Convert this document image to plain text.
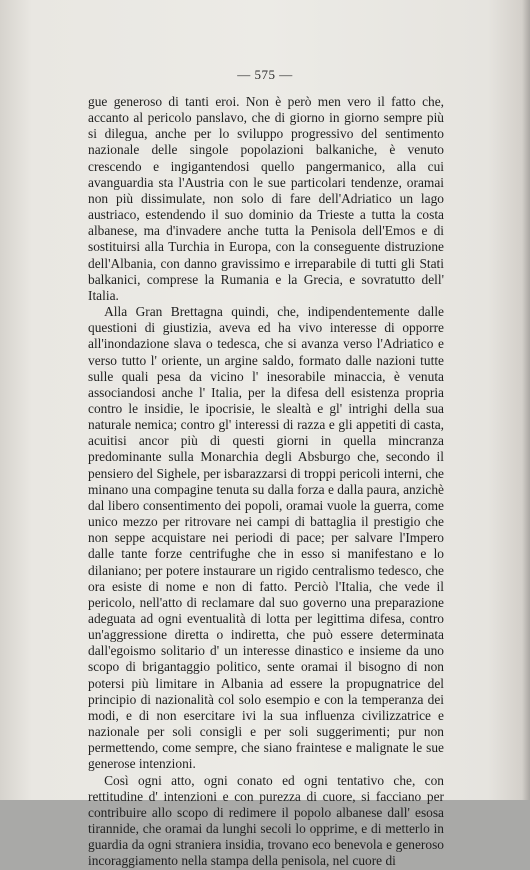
— 575 —

gue generoso di tanti eroi. Non è però men vero il fatto che, accanto al pericolo panslavo, che di giorno in giorno sempre più si dilegua, anche per lo sviluppo progressivo del sentimento nazionale delle singole popolazioni balkaniche, è venuto crescendo e ingigantendosi quello pangermanico, alla cui avanguardia sta l'Austria con le sue particolari tendenze, oramai non più dissimulate, non solo di fare dell'Adriatico un lago austriaco, estendendo il suo dominio da Trieste a tutta la costa albanese, ma d'invadere anche tutta la Penisola dell'Emos e di sostituirsi alla Turchia in Europa, con la conseguente distruzione dell'Albania, con danno gravissimo e irreparabile di tutti gli Stati balkanici, comprese la Rumania e la Grecia, e sovratutto dell' Italia.

Alla Gran Brettagna quindi, che, indipendentemente dalle questioni di giustizia, aveva ed ha vivo interesse di opporre all'inondazione slava o tedesca, che si avanza verso l'Adriatico e verso tutto l' oriente, un argine saldo, formato dalle nazioni tutte sulle quali pesa da vicino l' inesorabile minaccia, è venuta associandosi anche l' Italia, per la difesa dell esistenza propria contro le insidie, le ipocrisie, le slealtà e gl' intrighi della sua naturale nemica; contro gl' interessi di razza e gli appetiti di casta, acuitisi ancor più di questi giorni in quella mincranza predominante sulla Monarchia degli Absburgo che, secondo il pensiero del Sighele, per isbarazzarsi di troppi pericoli interni, che minano una compagine tenuta su dalla forza e dalla paura, anzichè dal libero consentimento dei popoli, oramai vuole la guerra, come unico mezzo per ritrovare nei campi di battaglia il prestigio che non seppe acquistare nei periodi di pace; per salvare l'Impero dalle tante forze centrifughe che in esso si manifestano e lo dilaniano; per potere instaurare un rigido centralismo tedesco, che ora esiste di nome e non di fatto. Perciò l'Italia, che vede il pericolo, nell'atto di reclamare dal suo governo una preparazione adeguata ad ogni eventualità di lotta per legittima difesa, contro un'aggressione diretta o indiretta, che può essere determinata dall'egoismo solitario d' un interesse dinastico e insieme da uno scopo di brigantaggio politico, sente oramai il bisogno di non potersi più limitare in Albania ad essere la propugnatrice del principio di nazionalità col solo esempio e con la temperanza dei modi, e di non esercitare ivi la sua influenza civilizzatrice e nazionale per soli consigli e per soli suggerimenti; pur non permettendo, come sempre, che siano fraintese e malignate le sue generose intenzioni.

Così ogni atto, ogni conato ed ogni tentativo che, con rettitudine d' intenzioni e con purezza di cuore, si facciano per contribuire allo scopo di redimere il popolo albanese dall' esosa tirannide, che oramai da lunghi secoli lo opprime, e di metterlo in guardia da ogni straniera insidia, trovano eco benevola e generoso incoraggiamento nella stampa della penisola, nel cuore di
